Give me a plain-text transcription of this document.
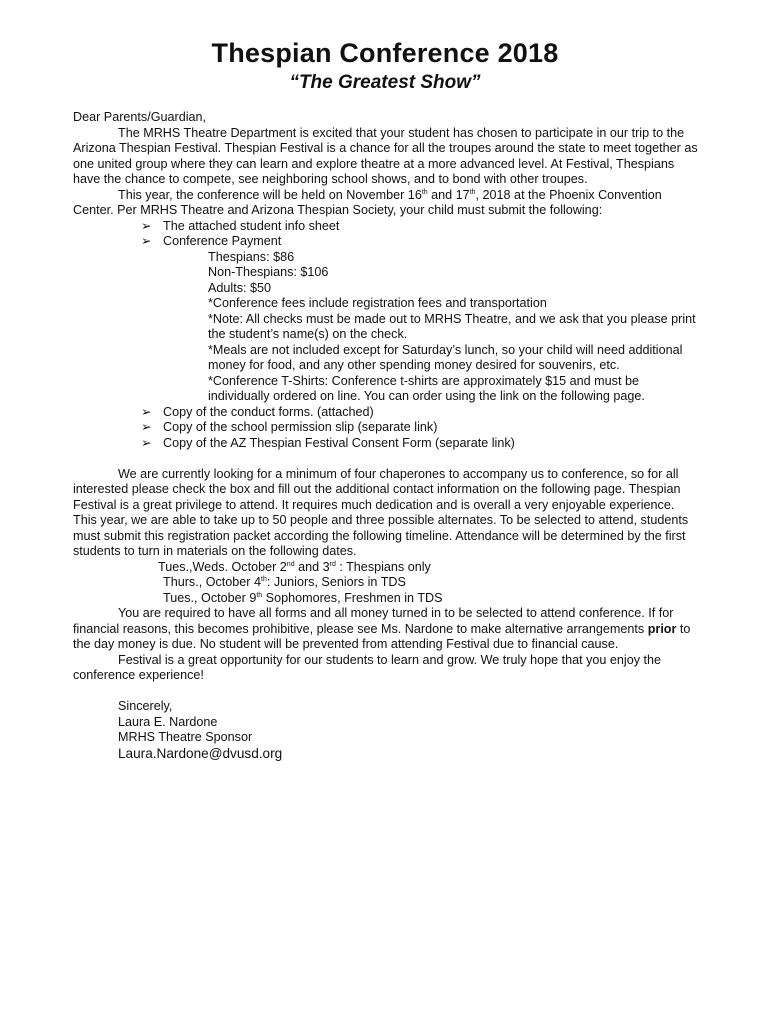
Thespian Conference 2018
“The Greatest Show”

Dear Parents/Guardian,

The MRHS Theatre Department is excited that your student has chosen to participate in our trip to the Arizona Thespian Festival. Thespian Festival is a chance for all the troupes around the state to meet together as one united group where they can learn and explore theatre at a more advanced level. At Festival, Thespians have the chance to compete, see neighboring school shows, and to bond with other troupes.

This year, the conference will be held on November 16th and 17th, 2018 at the Phoenix Convention Center. Per MRHS Theatre and Arizona Thespian Society, your child must submit the following:

➢ The attached student info sheet
➢ Conference Payment

Thespians: $86

Non-Thespians: $106

Adults: $50

*Conference fees include registration fees and transportation

*Note: All checks must be made out to MRHS Theatre, and we ask that you please print the student’s name(s) on the check.

*Meals are not included except for Saturday’s lunch, so your child will need additional money for food, and any other spending money desired for souvenirs, etc.

*Conference T-Shirts: Conference t-shirts are approximately $15 and must be individually ordered on line. You can order using the link on the following page.

➢ Copy of the conduct forms. (attached)
➢ Copy of the school permission slip (separate link)
➢ Copy of the AZ Thespian Festival Consent Form (separate link)

We are currently looking for a minimum of four chaperones to accompany us to conference, so for all interested please check the box and fill out the additional contact information on the following page. Thespian Festival is a great privilege to attend. It requires much dedication and is overall a very enjoyable experience. This year, we are able to take up to 50 people and three possible alternates. To be selected to attend, students must submit this registration packet according the following timeline. Attendance will be determined by the first students to turn in materials on the following dates.

Tues.,Weds. October 2nd and 3rd : Thespians only

Thurs., October 4th: Juniors, Seniors in TDS

Tues., October 9th Sophomores, Freshmen in TDS

You are required to have all forms and all money turned in to be selected to attend conference. If for financial reasons, this becomes prohibitive, please see Ms. Nardone to make alternative arrangements prior to the day money is due. No student will be prevented from attending Festival due to financial cause.

Festival is a great opportunity for our students to learn and grow. We truly hope that you enjoy the conference experience!

Sincerely,

Laura E. Nardone

MRHS Theatre Sponsor

Laura.Nardone@dvusd.org
